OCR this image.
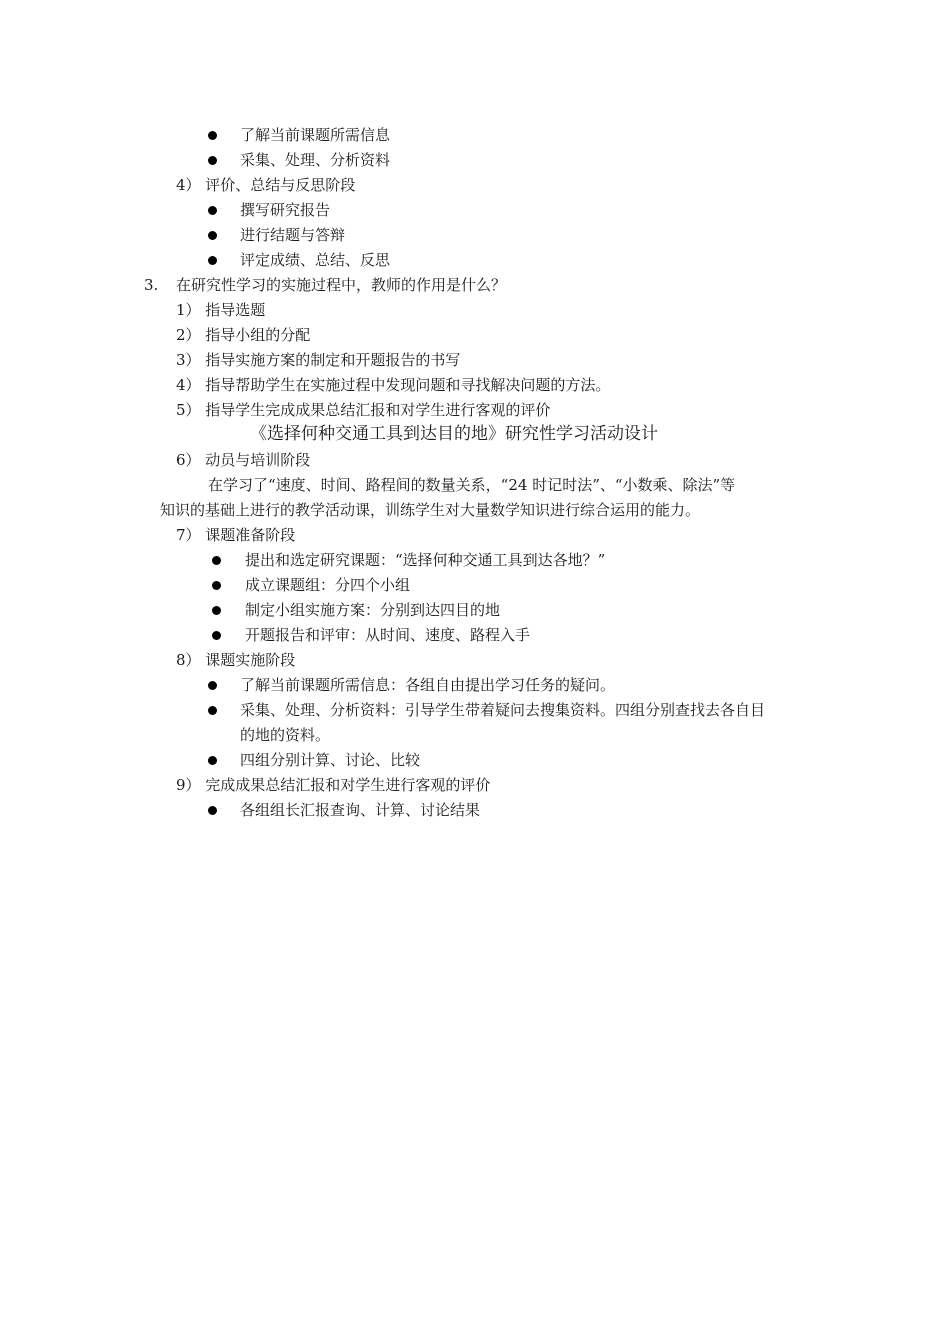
了解当前课题所需信息
采集、处理、分析资料
4） 评价、总结与反思阶段
撰写研究报告
进行结题与答辩
评定成绩、总结、反思
3. 在研究性学习的实施过程中，教师的作用是什么？
1） 指导选题
2） 指导小组的分配
3） 指导实施方案的制定和开题报告的书写
4） 指导帮助学生在实施过程中发现问题和寻找解决问题的方法。
5） 指导学生完成成果总结汇报和对学生进行客观的评价
《选择何种交通工具到达目的地》研究性学习活动设计
6） 动员与培训阶段
在学习了“速度、时间、路程间的数量关系，“24 时记时法”、“小数乘、除法”等
知识的基础上进行的教学活动课，训练学生对大量数学知识进行综合运用的能力。
7） 课题准备阶段
提出和选定研究课题：“选择何种交通工具到达各地？”
成立课题组：分四个小组
制定小组实施方案：分别到达四目的地
开题报告和评审：从时间、速度、路程入手
8） 课题实施阶段
了解当前课题所需信息：各组自由提出学习任务的疑问。
采集、处理、分析资料：引导学生带着疑问去搜集资料。四组分别查找去各自目
的地的资料。
四组分别计算、讨论、比较
9） 完成成果总结汇报和对学生进行客观的评价
各组组长汇报查询、计算、讨论结果
